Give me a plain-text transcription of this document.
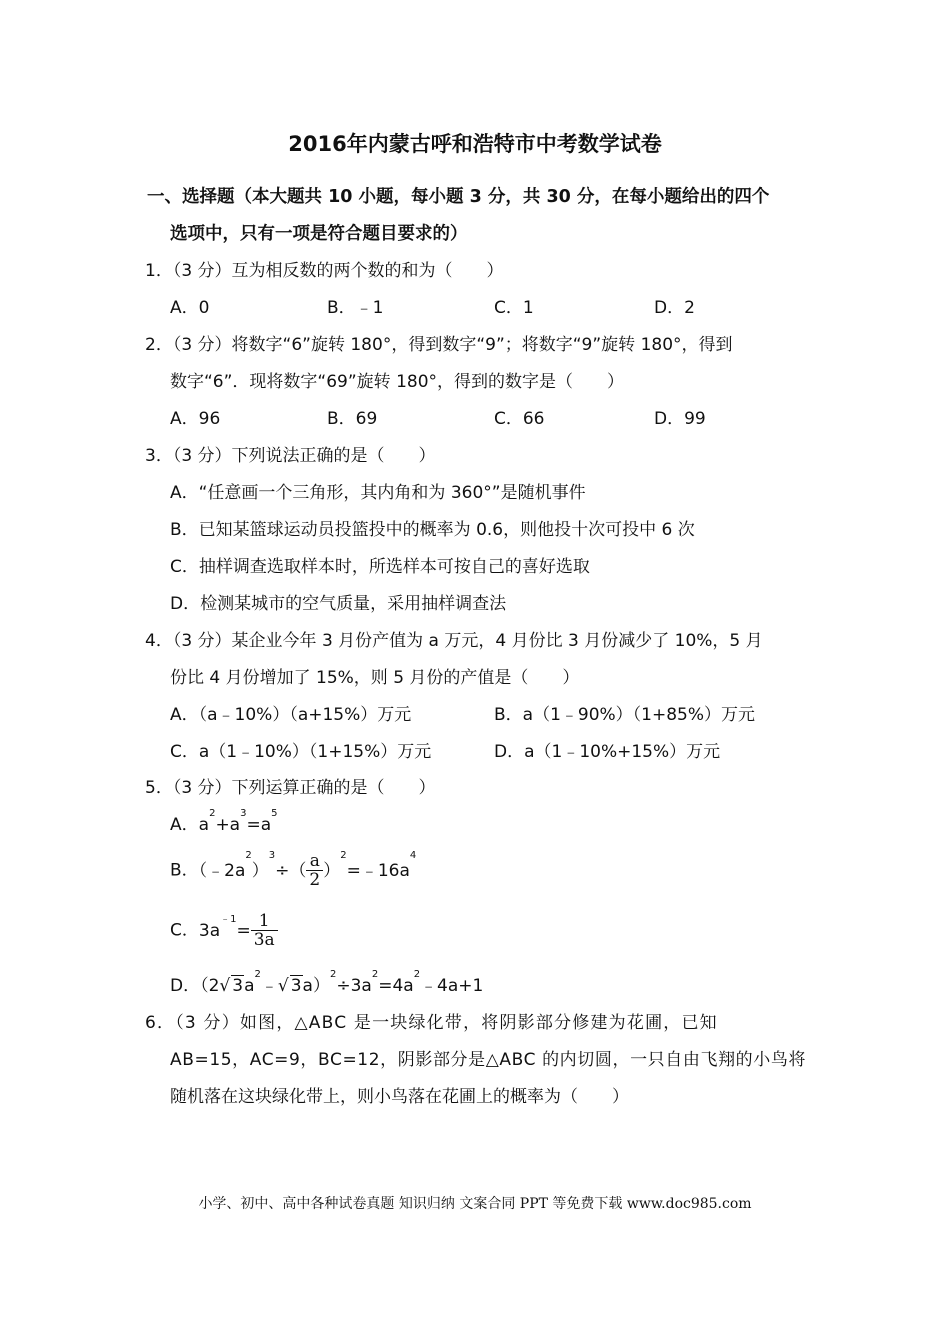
2016年内蒙古呼和浩特市中考数学试卷
一、选择题（本大题共 10 小题，每小题 3 分，共 30 分，在每小题给出的四个
选项中，只有一项是符合题目要求的）
1．（3 分）互为相反数的两个数的和为（　　）
A．0	B．﹣1	C．1	D．2
2．（3 分）将数字“6”旋转 180°，得到数字“9”；将数字“9”旋转 180°，得到
数字“6”．现将数字“69”旋转 180°，得到的数字是（　　）
A．96	B．69	C．66	D．99
3．（3 分）下列说法正确的是（　　）
A．“任意画一个三角形，其内角和为 360°”是随机事件
B．已知某篮球运动员投篮投中的概率为 0.6，则他投十次可投中 6 次
C．抽样调查选取样本时，所选样本可按自己的喜好选取
D．检测某城市的空气质量，采用抽样调查法
4．（3 分）某企业今年 3 月份产值为 a 万元，4 月份比 3 月份减少了 10%，5 月
份比 4 月份增加了 15%，则 5 月份的产值是（　　）
A．（a﹣10%）（a+15%）万元	B．a（1﹣90%）（1+85%）万元
C．a（1﹣10%）（1+15%）万元	D．a（1﹣10%+15%）万元
5．（3 分）下列运算正确的是（　　）
A．$a^2+a^3=a^5$
B．$(﹣2a^2)^3\div( \frac{a}{2}$ ）$^2=﹣16a^4$
C．$3a^{﹣1}= \frac{1}{3a}$
D．（2√ $3a^2﹣√$ $3a)^2\div 3a^2=4a^2﹣4a+1$
6．（3 分）如图，△ABC 是一块绿化带，将阴影部分修建为花圃，已知
AB=15，AC=9，BC=12，阴影部分是△ABC 的内切圆，一只自由飞翔的小鸟将
随机落在这块绿化带上，则小鸟落在花圃上的概率为（　　）
小学、初中、高中各种试卷真题 知识归纳 文案合同 PPT 等免费下载 www.doc985.com
